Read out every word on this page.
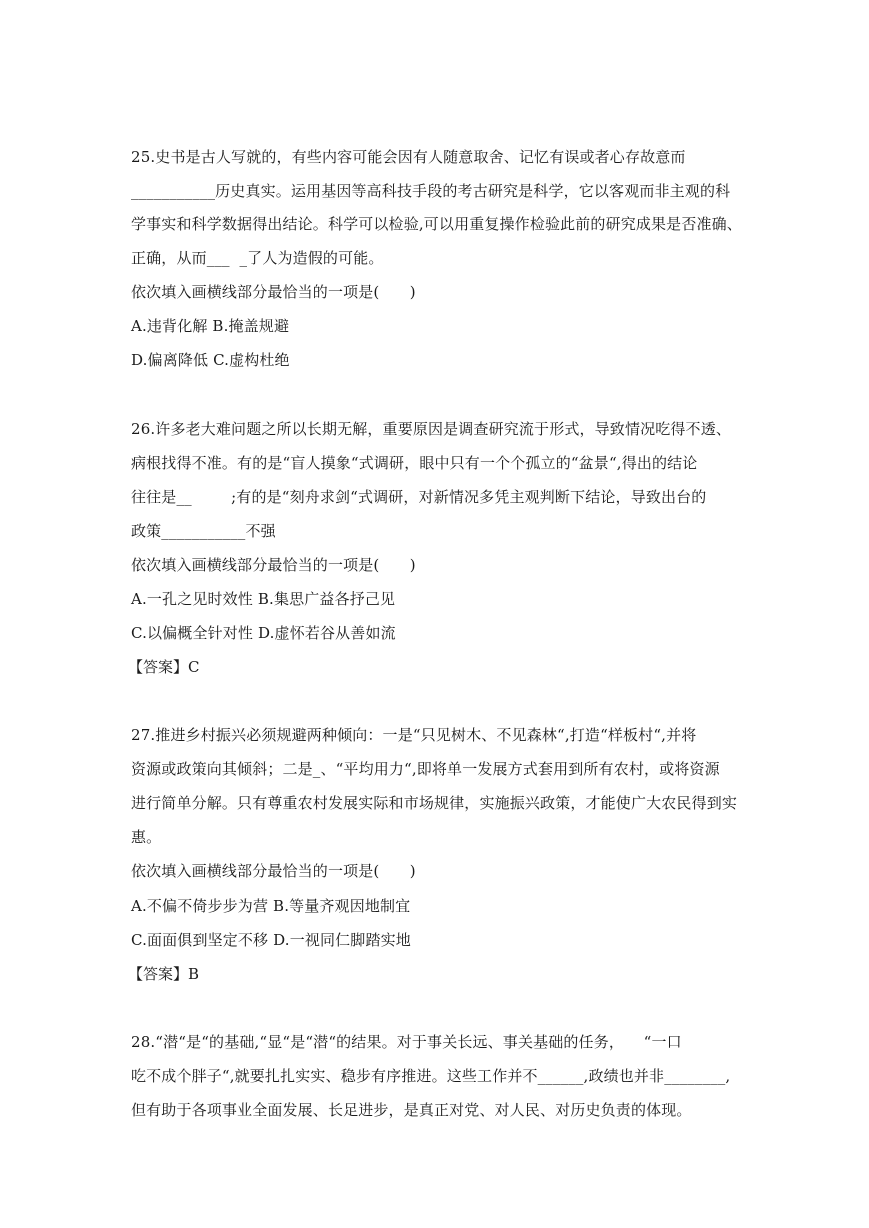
25.史书是古人写就的，有些内容可能会因有人随意取舍、记忆有误或者心存故意而
___________历史真实。运用基因等高科技手段的考古研究是科学，它以客观而非主观的科
学事实和科学数据得出结论。科学可以检验,可以用重复操作检验此前的研究成果是否准确、
正确，从而___  _了人为造假的可能。
依次填入画横线部分最恰当的一项是(　　)
A.违背化解 B.掩盖规避
D.偏离降低 C.虚构杜绝
26.许多老大难问题之所以长期无解，重要原因是调查研究流于形式，导致情况吃得不透、
病根找得不准。有的是“盲人摸象“式调研，眼中只有一个个孤立的“盆景“,得出的结论
往往是__        ;有的是“刻舟求剑“式调研，对新情况多凭主观判断下结论，导致出台的
政策___________不强
依次填入画横线部分最恰当的一项是(　　)
A.一孔之见时效性 B.集思广益各抒己见
C.以偏概全针对性 D.虚怀若谷从善如流
【答案】C
27.推进乡村振兴必须规避两种倾向：一是“只见树木、不见森林“,打造“样板村“,并将
资源或政策向其倾斜；二是_、“平均用力“,即将单一发展方式套用到所有农村，或将资源
进行简单分解。只有尊重农村发展实际和市场规律，实施振兴政策，才能使广大农民得到实
惠。
依次填入画横线部分最恰当的一项是(　　)
A.不偏不倚步步为营 B.等量齐观因地制宜
C.面面俱到坚定不移 D.一视同仁脚踏实地
【答案】B
28.“潜“是“的基础,“显“是“潜“的结果。对于事关长远、事关基础的任务，    “一口
吃不成个胖子“,就要扎扎实实、稳步有序推进。这些工作并不______,政绩也并非________,
但有助于各项事业全面发展、长足进步，是真正对党、对人民、对历史负责的体现。
